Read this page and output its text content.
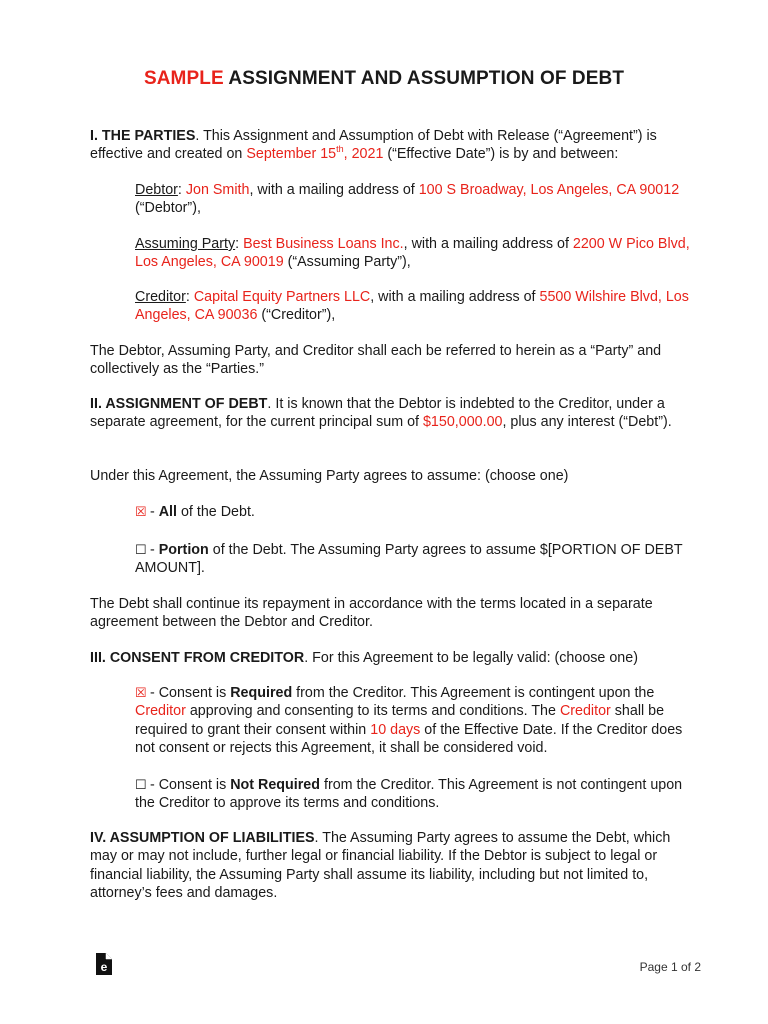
SAMPLE ASSIGNMENT AND ASSUMPTION OF DEBT
I. THE PARTIES. This Assignment and Assumption of Debt with Release (“Agreement”) is effective and created on September 15th, 2021 (“Effective Date”) is by and between:
Debtor: Jon Smith, with a mailing address of 100 S Broadway, Los Angeles, CA 90012 (“Debtor”),
Assuming Party: Best Business Loans Inc., with a mailing address of 2200 W Pico Blvd, Los Angeles, CA 90019 (“Assuming Party”),
Creditor: Capital Equity Partners LLC, with a mailing address of 5500 Wilshire Blvd, Los Angeles, CA 90036 (“Creditor”),
The Debtor, Assuming Party, and Creditor shall each be referred to herein as a “Party” and collectively as the “Parties.”
II. ASSIGNMENT OF DEBT. It is known that the Debtor is indebted to the Creditor, under a separate agreement, for the current principal sum of $150,000.00, plus any interest (“Debt”).
Under this Agreement, the Assuming Party agrees to assume: (choose one)
☒ - All of the Debt.
☐ - Portion of the Debt. The Assuming Party agrees to assume $[PORTION OF DEBT AMOUNT].
The Debt shall continue its repayment in accordance with the terms located in a separate agreement between the Debtor and Creditor.
III. CONSENT FROM CREDITOR. For this Agreement to be legally valid: (choose one)
☒ - Consent is Required from the Creditor. This Agreement is contingent upon the Creditor approving and consenting to its terms and conditions. The Creditor shall be required to grant their consent within 10 days of the Effective Date. If the Creditor does not consent or rejects this Agreement, it shall be considered void.
☐ - Consent is Not Required from the Creditor. This Agreement is not contingent upon the Creditor to approve its terms and conditions.
IV. ASSUMPTION OF LIABILITIES. The Assuming Party agrees to assume the Debt, which may or may not include, further legal or financial liability. If the Debtor is subject to legal or financial liability, the Assuming Party shall assume its liability, including but not limited to, attorney’s fees and damages.
e	Page 1 of 2
